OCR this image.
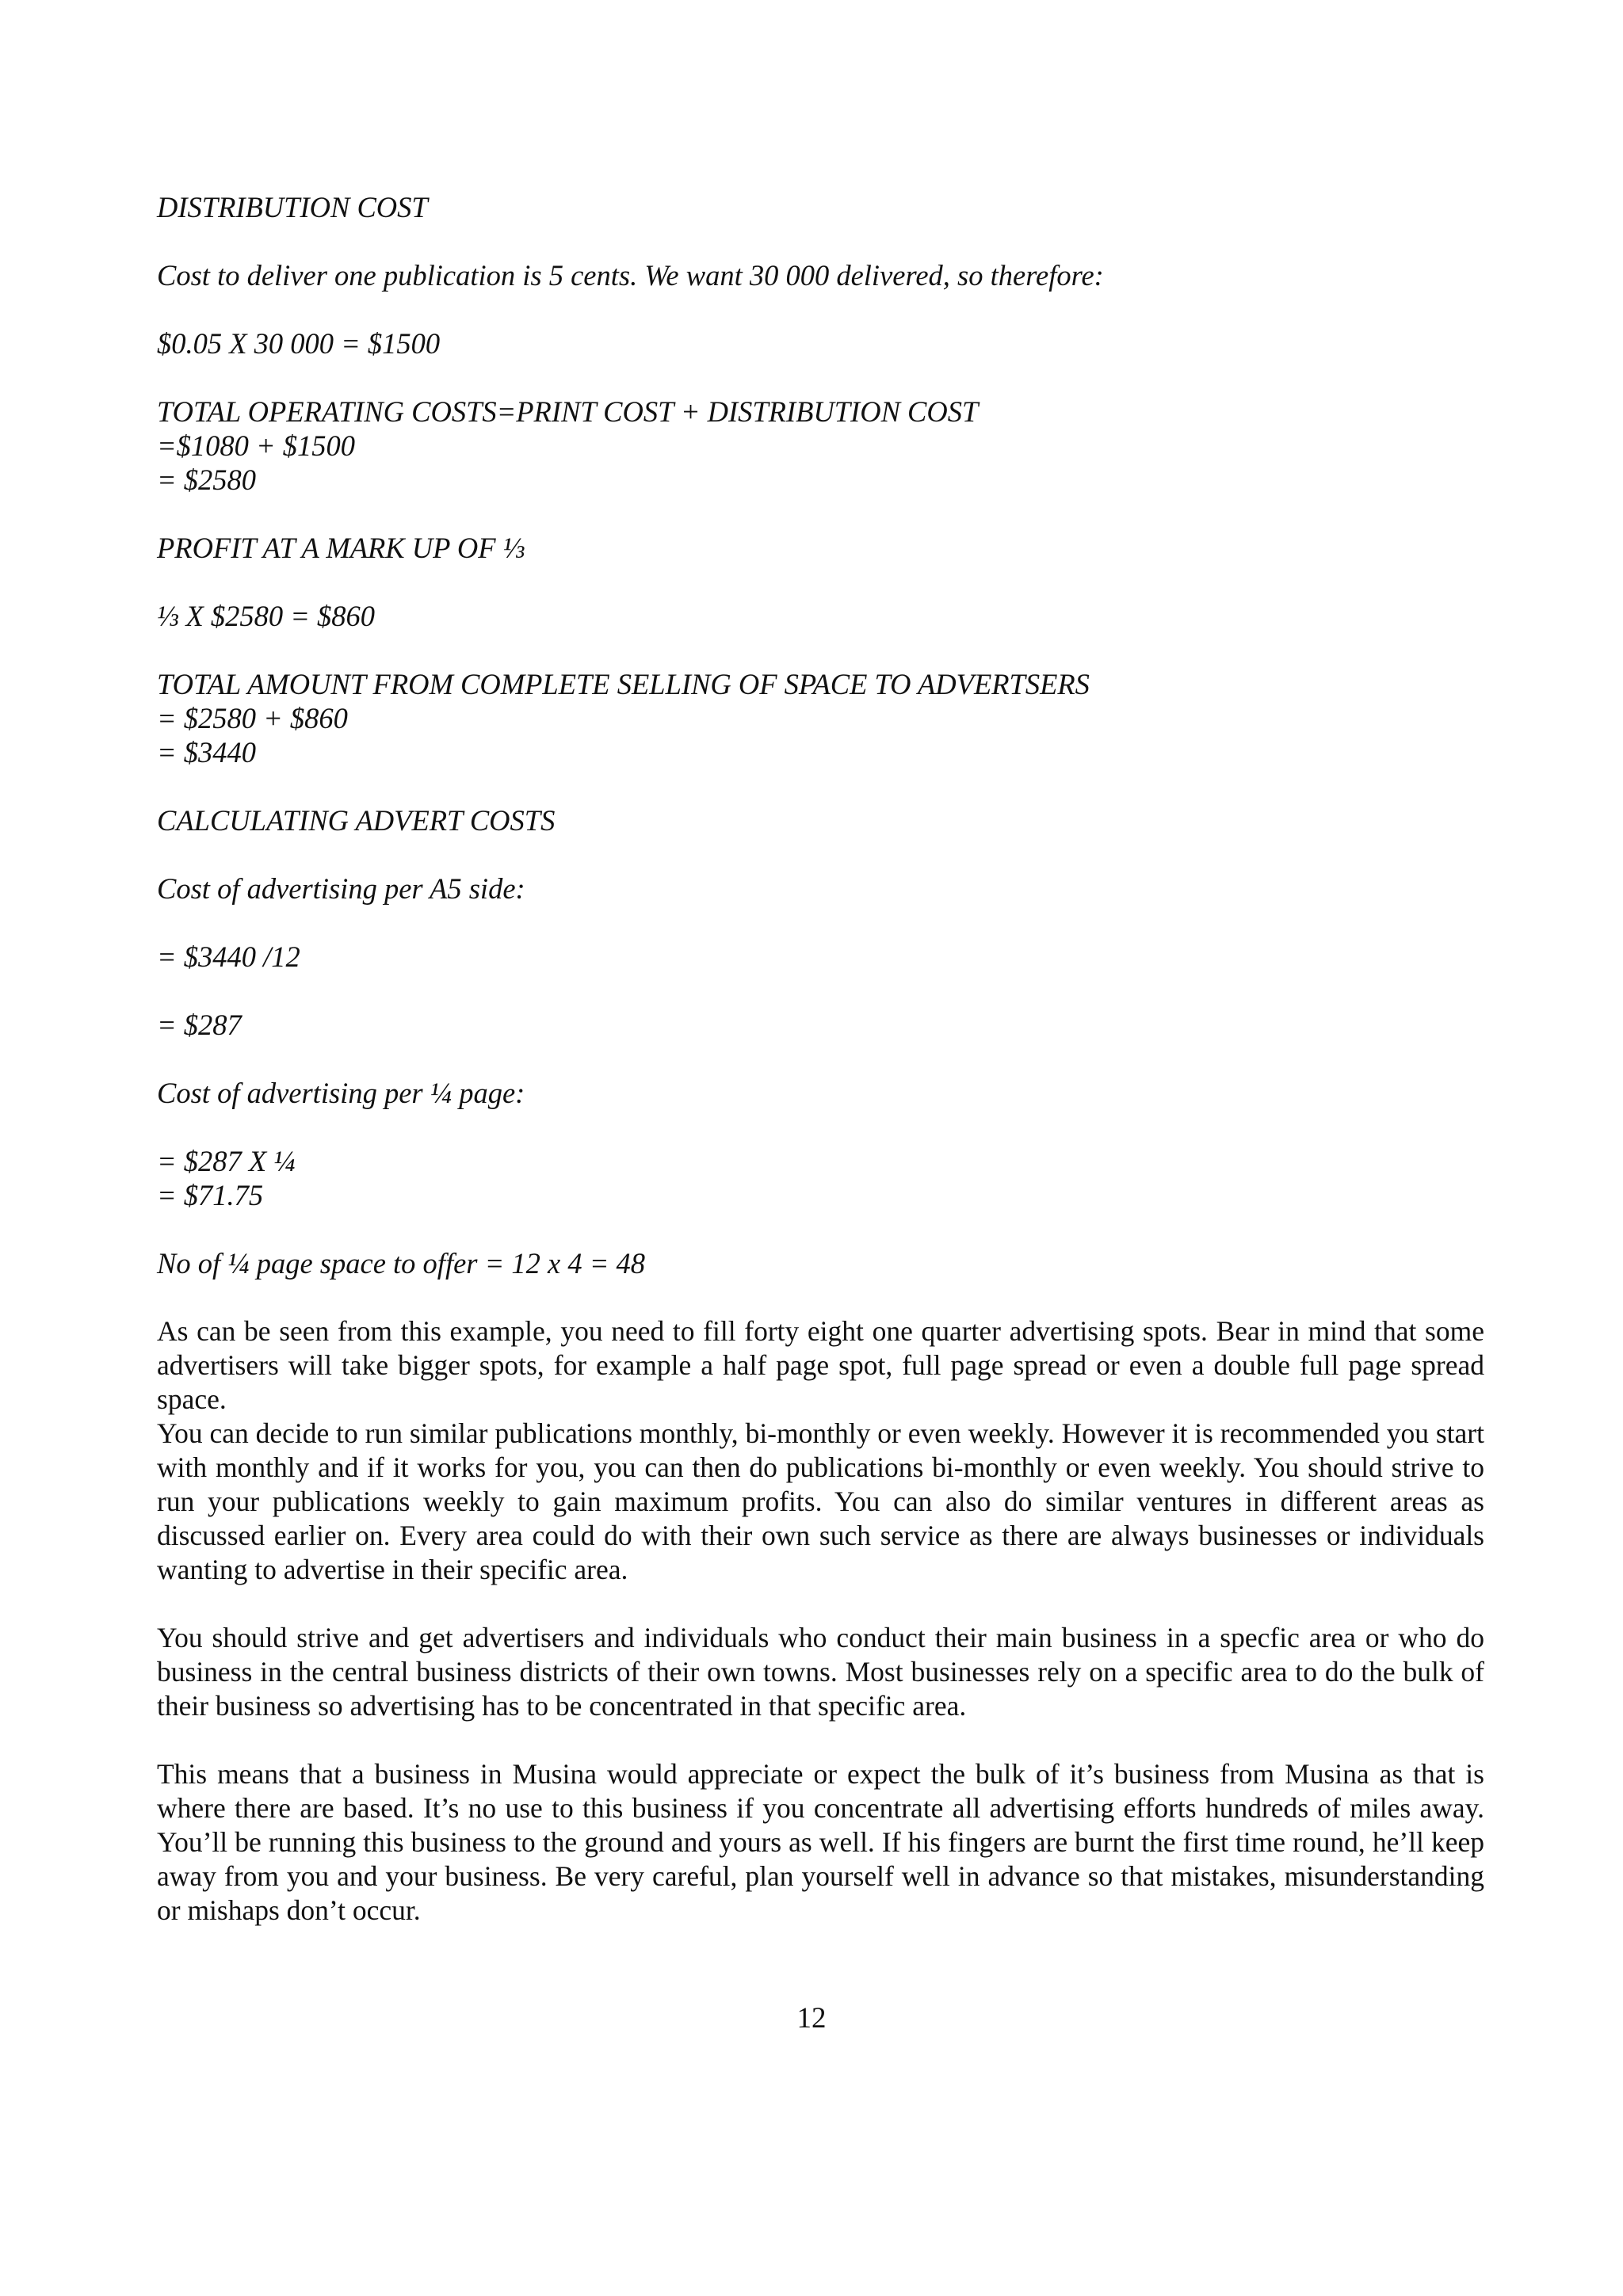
DISTRIBUTION COST
Cost to deliver one publication is 5 cents. We want 30 000 delivered, so therefore:
$0.05 X 30 000 = $1500
TOTAL OPERATING COSTS=PRINT COST + DISTRIBUTION COST
=$1080 + $1500
= $2580
PROFIT AT A MARK UP OF ⅓
⅓ X $2580 = $860
TOTAL AMOUNT FROM COMPLETE SELLING OF SPACE TO ADVERTSERS
= $2580 + $860
= $3440
CALCULATING ADVERT COSTS
Cost of advertising per A5 side:
= $3440 /12
= $287
Cost of advertising per ¼ page:
= $287 X ¼
= $71.75
No of ¼ page space to offer = 12 x 4 = 48

As can be seen from this example, you need to fill forty eight one quarter advertising spots. Bear in mind that some advertisers will take bigger spots, for example a half page spot, full page spread or even a double full page spread space.

You can decide to run similar publications monthly, bi-monthly or even weekly. However it is recommended you start with monthly and if it works for you, you can then do publications bi-monthly or even weekly. You should strive to run your publications weekly to gain maximum profits. You can also do similar ventures in different areas as discussed earlier on. Every area could do with their own such service as there are always businesses or individuals wanting to advertise in their specific area.

You should strive and get advertisers and individuals who conduct their main business in a specfic area or who do business in the central business districts of their own towns. Most businesses rely on a specific area to do the bulk of their business so advertising has to be concentrated in that specific area.

This means that a business in Musina would appreciate or expect the bulk of it’s business from Musina as that is where there are based. It’s no use to this business if you concentrate all advertising efforts hundreds of miles away. You’ll be running this business to the ground and yours as well. If his fingers are burnt the first time round, he’ll keep away from you and your business. Be very careful, plan yourself well in advance so that mistakes, misunderstanding or mishaps don’t occur.

12
